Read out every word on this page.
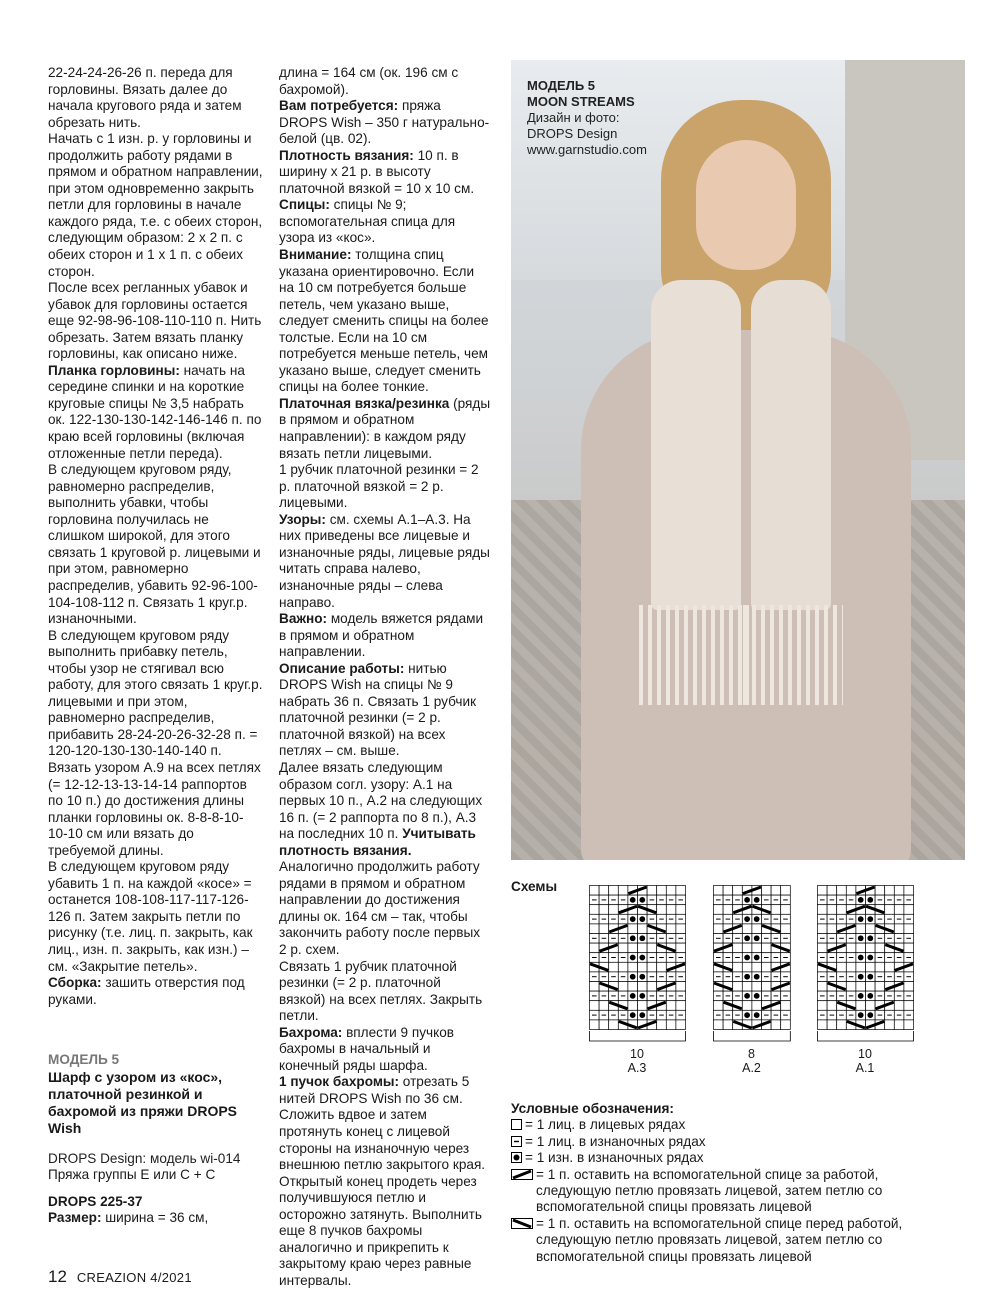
22-24-24-26-26 п. переда для горловины. Вязать далее до начала кругового ряда и затем обрезать нить.

Начать с 1 изн. р. у горловины и продолжить работу рядами в прямом и обратном направлении, при этом одновременно закрыть петли для горловины в начале каждого ряда, т.е. с обеих сторон, следующим образом: 2 х 2 п. с обеих сторон и 1 х 1 п. с обеих сторон.

После всех регланных убавок и убавок для горловины остается еще 92-98-96-108-110-110 п. Нить обрезать. Затем вязать планку горловины, как описано ниже.

Планка горловины: начать на середине спинки и на короткие круговые спицы № 3,5 набрать ок. 122-130-130-142-146-146 п. по краю всей горловины (включая отложенные петли переда).

В следующем круговом ряду, равномерно распределив, выполнить убавки, чтобы горловина получилась не слишком широкой, для этого связать 1 круговой р. лицевыми и при этом, равномерно распределив, убавить 92-96-100-104-108-112 п. Связать 1 круг.р. изнаночными.

В следующем круговом ряду выполнить прибавку петель, чтобы узор не стягивал всю работу, для этого связать 1 круг.р. лицевыми и при этом, равномерно распределив, прибавить 28-24-20-26-32-28 п. = 120-120-130-130-140-140 п.

Вязать узором A.9 на всех петлях (= 12-12-13-13-14-14 раппортов по 10 п.) до достижения длины планки горловины ок. 8-8-8-10-10-10 см или вязать до требуемой длины.

В следующем круговом ряду убавить 1 п. на каждой «косе» = останется 108-108-117-117-126-126 п. Затем закрыть петли по рисунку (т.е. лиц. п. закрыть, как лиц., изн. п. закрыть, как изн.) – см. «Закрытие петель».

Сборка: зашить отверстия под руками.

МОДЕЛЬ 5
Шарф с узором из «кос», платочной резинкой и бахромой из пряжи DROPS Wish
DROPS Design: модель wi-014
Пряжа группы E или C + C
DROPS 225-37
Размер: ширина = 36 см,

длина = 164 см (ок. 196 см с бахромой).

Вам потребуется: пряжа DROPS Wish – 350 г натурально-белой (цв. 02).

Плотность вязания: 10 п. в ширину х 21 р. в высоту платочной вязкой = 10 х 10 см.

Спицы: спицы № 9; вспомогательная спица для узора из «кос».

Внимание: толщина спиц указана ориентировочно. Если на 10 см потребуется больше петель, чем указано выше, следует сменить спицы на более толстые. Если на 10 см потребуется меньше петель, чем указано выше, следует сменить спицы на более тонкие.

Платочная вязка/резинка (ряды в прямом и обратном направлении): в каждом ряду вязать петли лицевыми.

1 рубчик платочной резинки = 2 р. платочной вязкой = 2 р. лицевыми.

Узоры: см. схемы A.1–A.3. На них приведены все лицевые и изнаночные ряды, лицевые ряды читать справа налево, изнаночные ряды – слева направо.

Важно: модель вяжется рядами в прямом и обратном направлении.

Описание работы: нитью DROPS Wish на спицы № 9 набрать 36 п. Связать 1 рубчик платочной резинки (= 2 р. платочной вязкой) на всех петлях – см. выше.

Далее вязать следующим образом согл. узору: A.1 на первых 10 п., A.2 на следующих 16 п. (= 2 раппорта по 8 п.), A.3 на последних 10 п. Учитывать плотность вязания.

Аналогично продолжить работу рядами в прямом и обратном направлении до достижения длины ок. 164 см – так, чтобы закончить работу после первых 2 р. схем.

Связать 1 рубчик платочной резинки (= 2 р. платочной вязкой) на всех петлях. Закрыть петли.

Бахрома: вплести 9 пучков бахромы в начальный и конечный ряды шарфа.

1 пучок бахромы: отрезать 5 нитей DROPS Wish по 36 см. Сложить вдвое и затем протянуть конец с лицевой стороны на изнаночную через внешнюю петлю закрытого края. Открытый конец продеть через получившуюся петлю и осторожно затянуть. Выполнить еще 8 пучков бахромы аналогично и прикрепить к закрытому краю через равные интервалы.

МОДЕЛЬ 5
MOON STREAMS
Дизайн и фото:
DROPS Design
www.garnstudio.com
Схемы
10
A.3
8
A.2
10
A.1
Условные обозначения:
= 1 лиц. в лицевых рядах
= 1 лиц. в изнаночных рядах
= 1 изн. в изнаночных рядах
= 1 п. оставить на вспомогательной спице за работой, следующую петлю провязать лицевой, затем петлю со вспомогательной спицы провязать лицевой
= 1 п. оставить на вспомогательной спице перед работой, следующую петлю провязать лицевой, затем петлю со вспомогательной спицы провязать лицевой
12 CREAZION 4/2021
